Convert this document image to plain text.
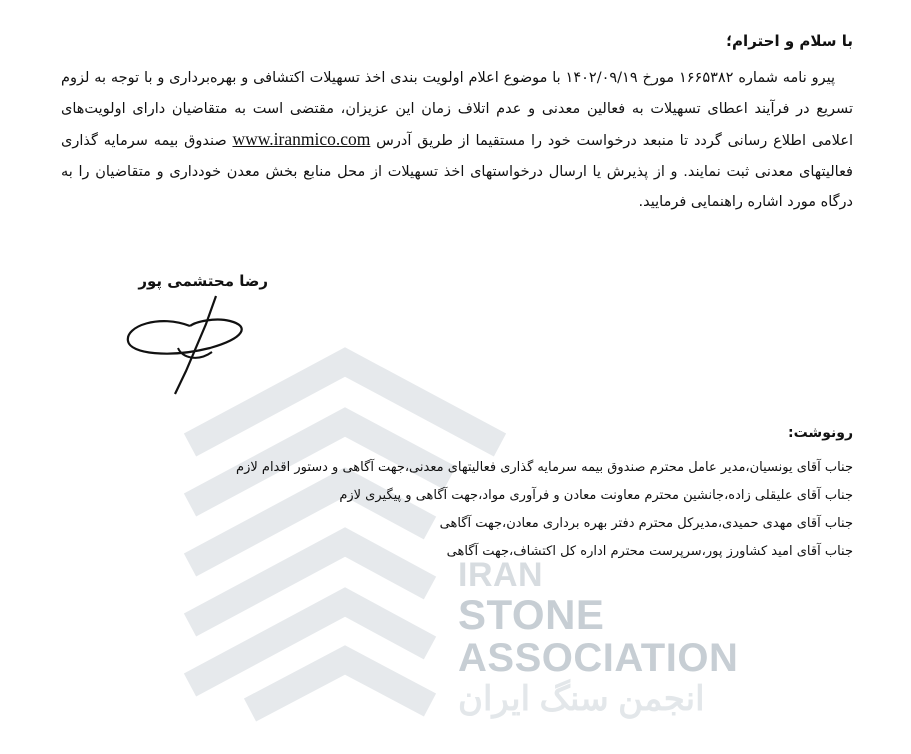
IRAN
STONE
ASSOCIATION
انجمن سنگ ایران
با سلام و احترام؛

پیرو نامه شماره ۱۶۶۵۳۸۲ مورخ ۱۴۰۲/۰۹/۱۹ با موضوع اعلام اولویت بندی اخذ تسهیلات اکتشافی و بهره‌برداری و با توجه به لزوم تسریع در فرآیند اعطای تسهیلات به فعالین معدنی و عدم اتلاف زمان این عزیزان، مقتضی است به متقاضیان دارای اولویت‌های اعلامی اطلاع رسانی گردد تا منبعد درخواست خود را مستقیما از طریق آدرس www.iranmico.com صندوق بیمه سرمایه گذاری فعالیتهای معدنی ثبت نمایند. و از پذیرش یا ارسال درخواستهای اخذ تسهیلات از محل منابع بخش معدن خودداری و متقاضیان را به درگاه مورد اشاره راهنمایی فرمایید.

رضا محتشمی پور
رونوشت:
جناب آقای یونسیان،مدیر عامل محترم صندوق بیمه سرمایه گذاری فعالیتهای معدنی،جهت آگاهی و دستور اقدام لازم
جناب آقای علیقلی زاده،جانشین محترم معاونت معادن و فرآوری مواد،جهت آگاهی و پیگیری لازم
جناب آقای مهدی حمیدی،مدیرکل محترم دفتر بهره برداری معادن،جهت آگاهی
جناب آقای امید کشاورز پور،سرپرست محترم اداره کل اکتشاف،جهت آگاهی
